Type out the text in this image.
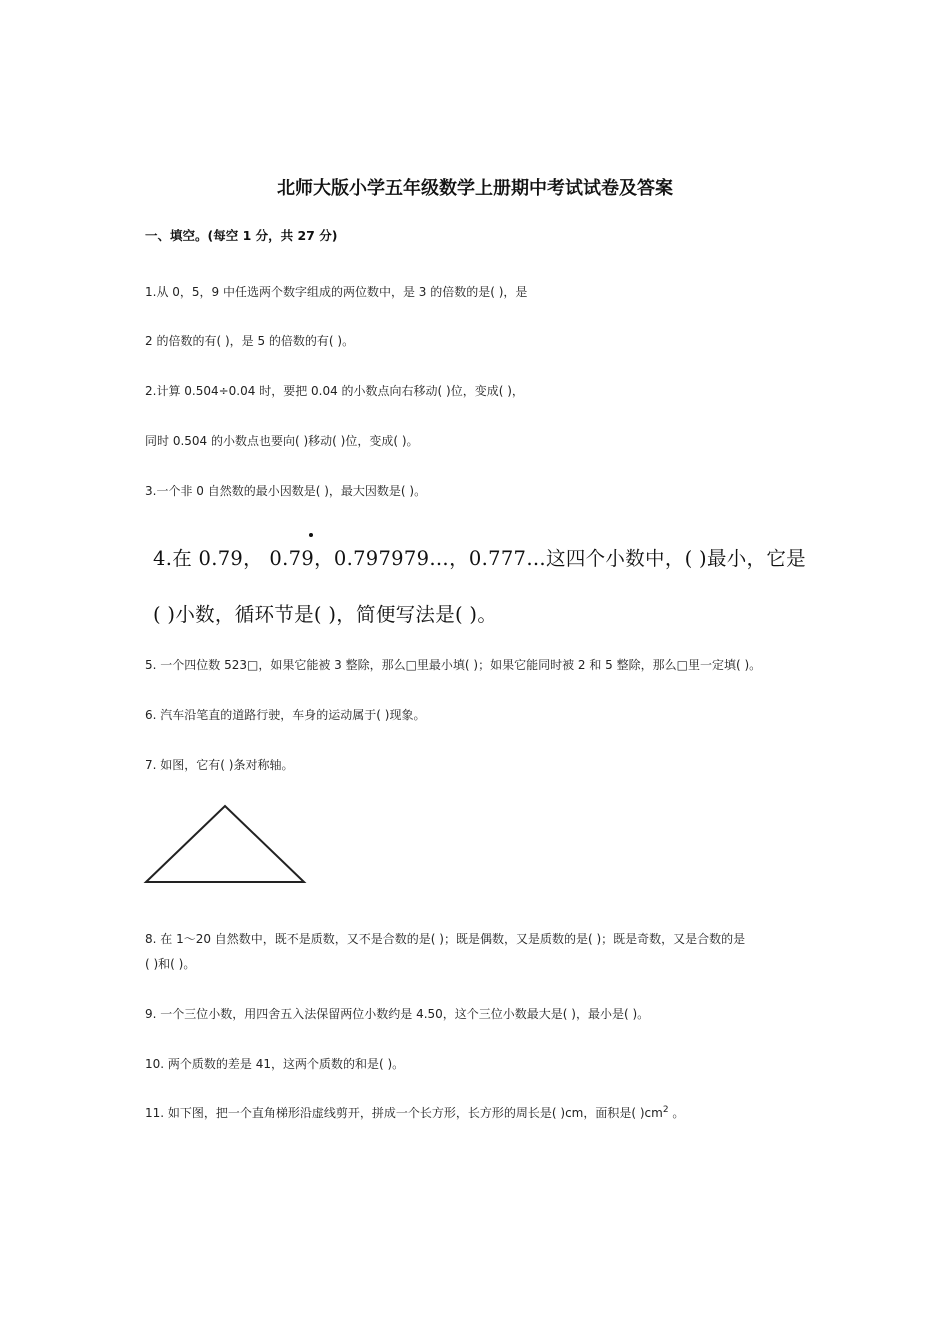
北师大版小学五年级数学上册期中考试试卷及答案
一、填空。(每空 1 分，共 27 分)
1.从 0，5，9 中任选两个数字组成的两位数中，是 3 的倍数的是( )，是
2 的倍数的有( )，是 5 的倍数的有( )。
2.计算 0.504÷0.04 时，要把 0.04 的小数点向右移动( )位，变成( )，
同时 0.504 的小数点也要向( )移动( )位，变成( )。
3.一个非 0 自然数的最小因数是( )，最大因数是( )。
4.在 0.79， 0.7
9，0.797979…，0.777…这四个小数中，( )最小，它是
( )小数，循环节是( )，简便写法是( )。
5. 一个四位数 523□，如果它能被 3 整除，那么□里最小填( )；如果它能同时被 2 和 5 整除，那么□里一定填( )。
6. 汽车沿笔直的道路行驶，车身的运动属于( )现象。
7. 如图，它有( )条对称轴。
8. 在 1～20 自然数中，既不是质数，又不是合数的是( )；既是偶数，又是质数的是( )；既是奇数，又是合数的是
( )和( )。
9. 一个三位小数，用四舍五入法保留两位小数约是 4.50，这个三位小数最大是( )，最小是( )。
10. 两个质数的差是 41，这两个质数的和是( )。
11. 如下图，把一个直角梯形沿虚线剪开，拼成一个长方形，长方形的周长是( )cm，面积是( )$cm^2$ 。
